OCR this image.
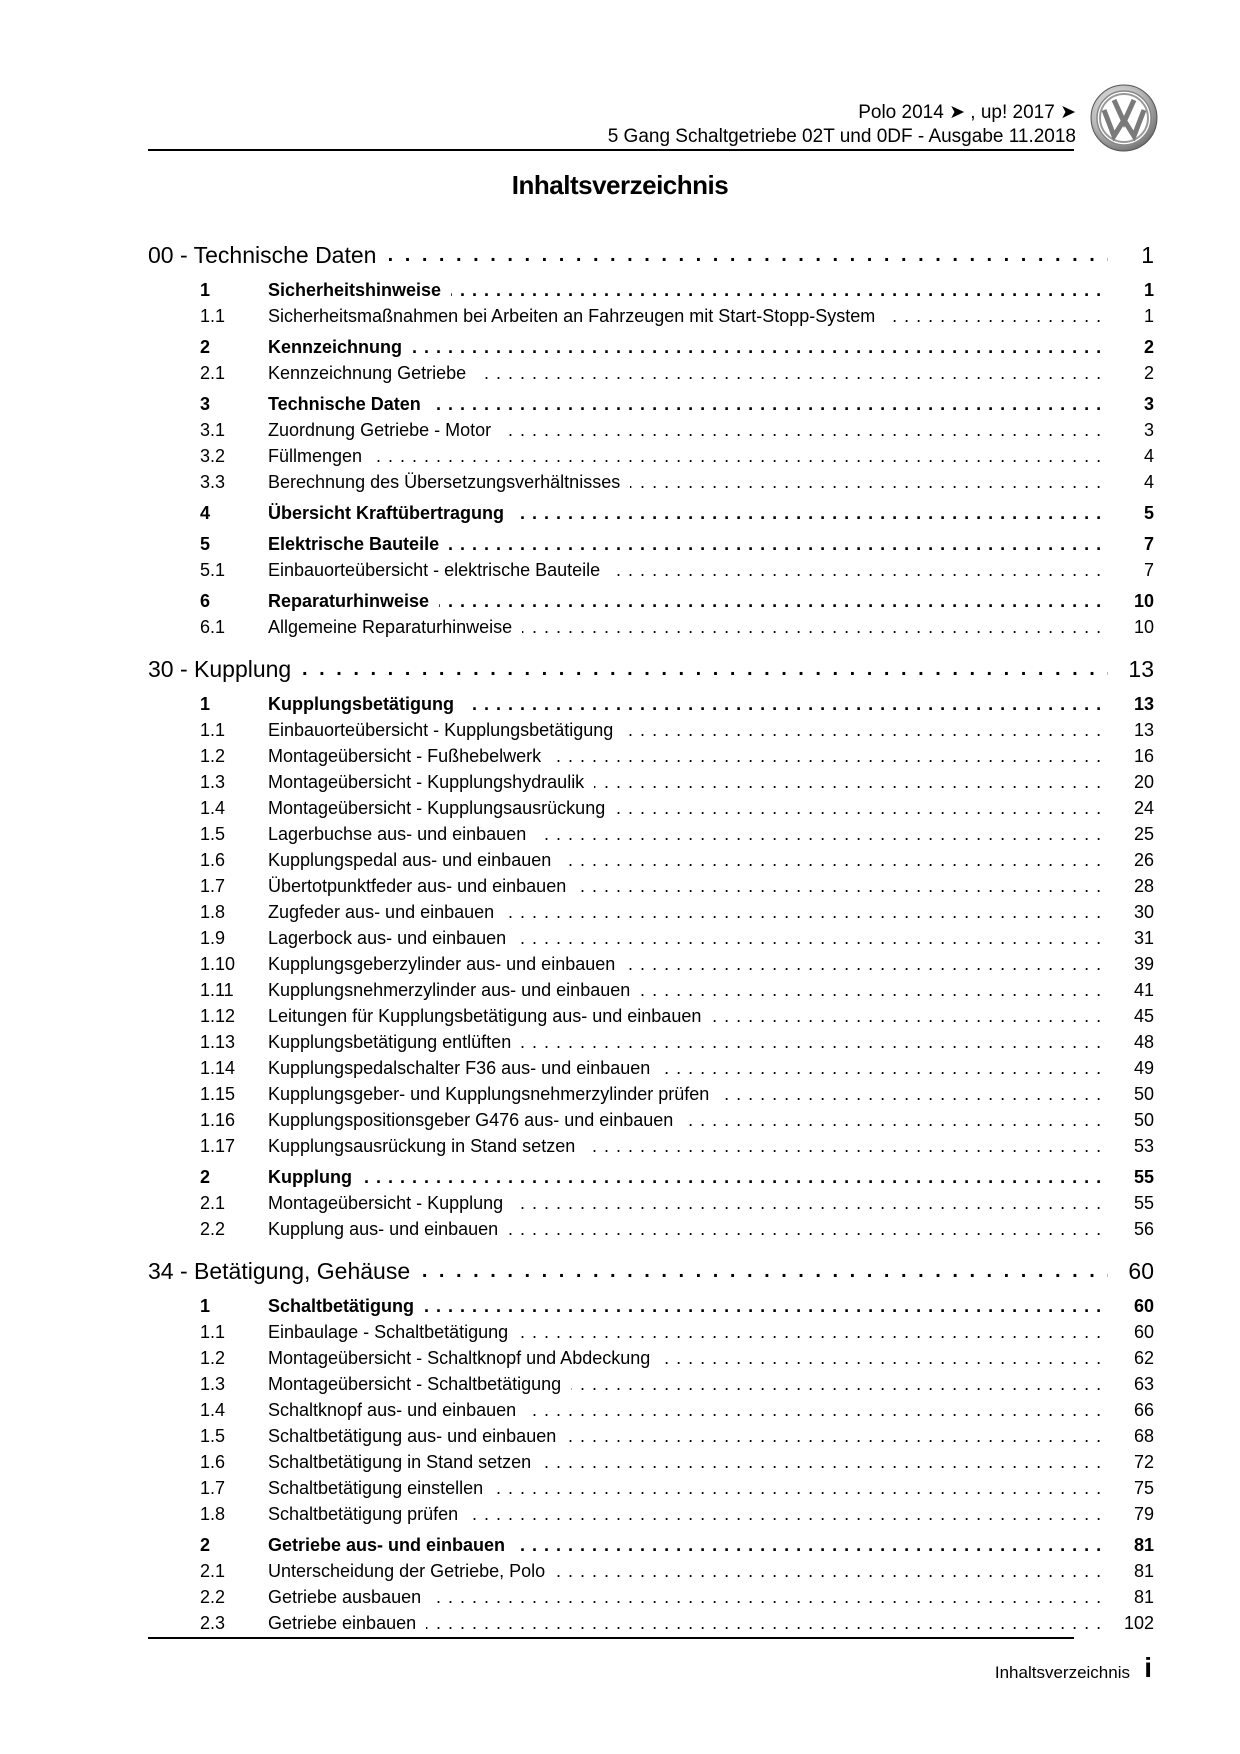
Polo 2014 ➤ , up! 2017 ➤
5 Gang Schaltgetriebe 02T und 0DF - Ausgabe 11.2018
Inhaltsverzeichnis
00 - Technische Daten . . .	1
1	Sicherheitshinweise . . .	1
1.1 Sicherheitsmaßnahmen bei Arbeiten an Fahrzeugen mit Start-Stopp-System . . .	1
2	Kennzeichnung . . .	2
2.1 Kennzeichnung Getriebe . . .	2
3	Technische Daten . . .	3
3.1 Zuordnung Getriebe - Motor . . .	3
3.2 Füllmengen . . .	4
3.3 Berechnung des Übersetzungsverhältnisses . . .	4
4	Übersicht Kraftübertragung . . .	5
5	Elektrische Bauteile . . .	7
5.1 Einbauorteübersicht - elektrische Bauteile . . .	7
6	Reparaturhinweise . . .	10
6.1 Allgemeine Reparaturhinweise . . .	10
30 - Kupplung . . .	13
1	Kupplungsbetätigung . . .	13
1.1 Einbauorteübersicht - Kupplungsbetätigung . . .	13
1.2 Montageübersicht - Fußhebelwerk . . .	16
1.3 Montageübersicht - Kupplungshydraulik . . .	20
1.4 Montageübersicht - Kupplungsausrückung . . .	24
1.5 Lagerbuchse aus- und einbauen . . .	25
1.6 Kupplungspedal aus- und einbauen . . .	26
1.7 Übertotpunktfeder aus- und einbauen . . .	28
1.8 Zugfeder aus- und einbauen . . .	30
1.9 Lagerbock aus- und einbauen . . .	31
1.10 Kupplungsgeberzylinder aus- und einbauen . . .	39
1.11 Kupplungsnehmerzylinder aus- und einbauen . . .	41
1.12 Leitungen für Kupplungsbetätigung aus- und einbauen . . .	45
1.13 Kupplungsbetätigung entlüften . . .	48
1.14 Kupplungspedalschalter F36 aus- und einbauen . . .	49
1.15 Kupplungsgeber- und Kupplungsnehmerzylinder prüfen . . .	50
1.16 Kupplungspositionsgeber G476 aus- und einbauen . . .	50
1.17 Kupplungsausrückung in Stand setzen . . .	53
2	Kupplung . . .	55
2.1 Montageübersicht - Kupplung . . .	55
2.2 Kupplung aus- und einbauen . . .	56
34 - Betätigung, Gehäuse . . .	60
1	Schaltbetätigung . . .	60
1.1 Einbaulage - Schaltbetätigung . . .	60
1.2 Montageübersicht - Schaltknopf und Abdeckung . . .	62
1.3 Montageübersicht - Schaltbetätigung . . .	63
1.4 Schaltknopf aus- und einbauen . . .	66
1.5 Schaltbetätigung aus- und einbauen . . .	68
1.6 Schaltbetätigung in Stand setzen . . .	72
1.7 Schaltbetätigung einstellen . . .	75
1.8 Schaltbetätigung prüfen . . .	79
2	Getriebe aus- und einbauen . . .	81
2.1 Unterscheidung der Getriebe, Polo . . .	81
2.2 Getriebe ausbauen . . .	81
2.3 Getriebe einbauen . . .	102
Inhaltsverzeichnis i
